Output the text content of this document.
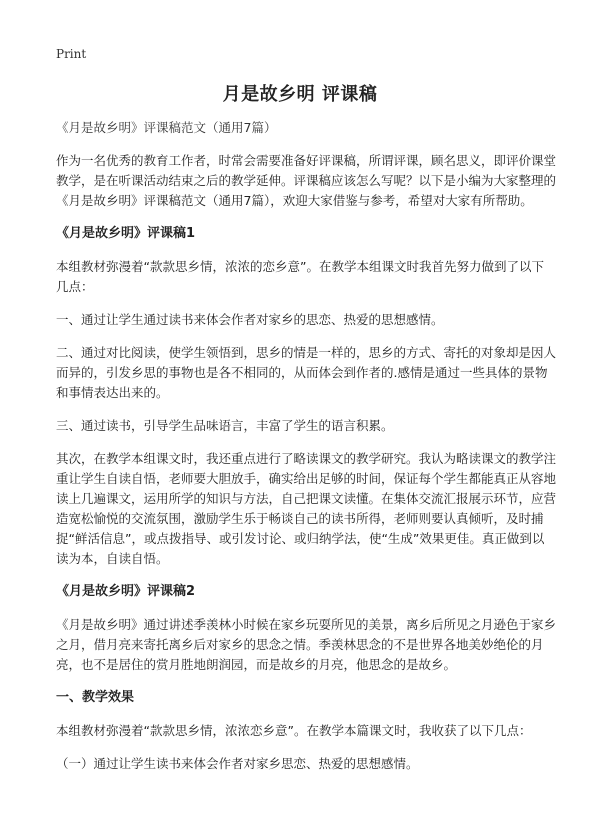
Print
月是故乡明 评课稿

《月是故乡明》评课稿范文（通用7篇）

作为一名优秀的教育工作者，时常会需要准备好评课稿，所谓评课，顾名思义，即评价课堂教学，是在听课活动结束之后的教学延伸。评课稿应该怎么写呢？以下是小编为大家整理的《月是故乡明》评课稿范文（通用7篇），欢迎大家借鉴与参考，希望对大家有所帮助。

《月是故乡明》评课稿1

本组教材弥漫着“款款思乡情，浓浓的恋乡意”。在教学本组课文时我首先努力做到了以下几点：

一、通过让学生通过读书来体会作者对家乡的思恋、热爱的思想感情。

二、通过对比阅读，使学生领悟到，思乡的情是一样的，思乡的方式、寄托的对象却是因人而异的，引发乡思的事物也是各不相同的，从而体会到作者的.感情是通过一些具体的景物和事情表达出来的。

三、通过读书，引导学生品味语言，丰富了学生的语言积累。

其次，在教学本组课文时，我还重点进行了略读课文的教学研究。我认为略读课文的教学注重让学生自读自悟，老师要大胆放手，确实给出足够的时间，保证每个学生都能真正从容地读上几遍课文，运用所学的知识与方法，自己把课文读懂。在集体交流汇报展示环节，应营造宽松愉悦的交流氛围，激励学生乐于畅谈自己的读书所得，老师则要认真倾听，及时捕捉“鲜活信息”，或点拨指导、或引发讨论、或归纳学法，使“生成”效果更佳。真正做到以读为本，自读自悟。

《月是故乡明》评课稿2

《月是故乡明》通过讲述季羡林小时候在家乡玩耍所见的美景，离乡后所见之月逊色于家乡之月，借月亮来寄托离乡后对家乡的思念之情。季羡林思念的不是世界各地美妙绝伦的月亮，也不是居住的赏月胜地朗润园，而是故乡的月亮，他思念的是故乡。

一、教学效果

本组教材弥漫着“款款思乡情，浓浓恋乡意”。在教学本篇课文时，我收获了以下几点：

（一）通过让学生读书来体会作者对家乡思恋、热爱的思想感情。
